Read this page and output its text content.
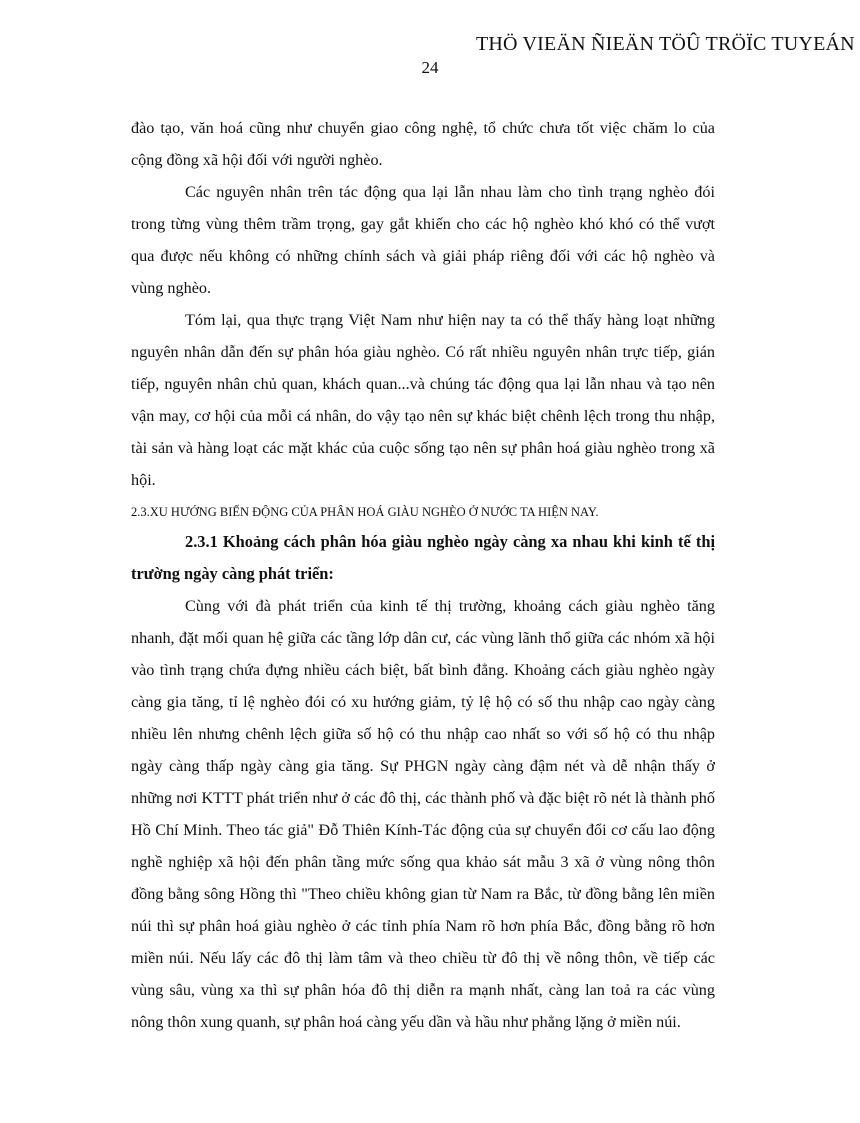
THÖ VIEÄN ÑIEÄN TÖÛ TRÖÏC TUYEÁN
24

đào tạo, văn hoá cũng như chuyển giao công nghệ, tổ chức chưa tốt việc chăm lo của cộng đồng xã hội đối với người nghèo.

Các nguyên nhân trên tác động qua lại lẫn nhau làm cho tình trạng nghèo đói trong từng vùng thêm trầm trọng, gay gắt khiến cho các hộ nghèo khó khó có thể vượt qua được nếu không có những chính sách và giải pháp riêng đối với các hộ nghèo và vùng nghèo.

Tóm lại, qua thực trạng Việt Nam như hiện nay ta có thể thấy hàng loạt những nguyên nhân dẫn đến sự phân hóa giàu nghèo. Có rất nhiều nguyên nhân trực tiếp, gián tiếp, nguyên nhân chủ quan, khách quan...và chúng tác động qua lại lẫn nhau và tạo nên vận may, cơ hội của mỗi cá nhân, do vậy tạo nên sự khác biệt chênh lệch trong thu nhập, tài sản và hàng loạt các mặt khác của cuộc sống tạo nên sự phân hoá giàu nghèo trong xã hội.

2.3.XU HƯỚNG BIẾN ĐỘNG CỦA PHÂN HOÁ GIÀU NGHÈO Ở NƯỚC TA HIỆN NAY.

2.3.1 Khoảng cách phân hóa giàu nghèo ngày càng xa nhau khi kinh tế thị trường ngày càng phát triển:

Cùng với đà phát triển của kinh tế thị trường, khoảng cách giàu nghèo tăng nhanh, đặt mối quan hệ giữa các tầng lớp dân cư, các vùng lãnh thổ giữa các nhóm xã hội vào tình trạng chứa đựng nhiều cách biệt, bất bình đẳng. Khoảng cách giàu nghèo ngày càng gia tăng, tỉ lệ nghèo đói có xu hướng giảm, tỷ lệ hộ có số thu nhập cao ngày càng nhiều lên nhưng chênh lệch giữa số hộ có thu nhập cao nhất so với số hộ có thu nhập ngày càng thấp ngày càng gia tăng. Sự PHGN ngày càng đậm nét và dễ nhận thấy ở những nơi KTTT phát triển như ở các đô thị, các thành phố và đặc biệt rõ nét là thành phố Hồ Chí Minh. Theo tác giả" Đỗ Thiên Kính-Tác động của sự chuyển đổi cơ cấu lao động nghề nghiệp xã hội đến phân tầng mức sống qua khảo sát mẫu 3 xã ở vùng nông thôn đồng bằng sông Hồng thì "Theo chiều không gian từ Nam ra Bắc, từ đồng bằng lên miền núi thì sự phân hoá giàu nghèo ở các tỉnh phía Nam rõ hơn phía Bắc, đồng bằng rõ hơn miền núi. Nếu lấy các đô thị làm tâm và theo chiều từ đô thị về nông thôn, về tiếp các vùng sâu, vùng xa thì sự phân hóa đô thị diễn ra mạnh nhất, càng lan toả ra các vùng nông thôn xung quanh, sự phân hoá càng yếu dần và hầu như phẳng lặng ở miền núi.
